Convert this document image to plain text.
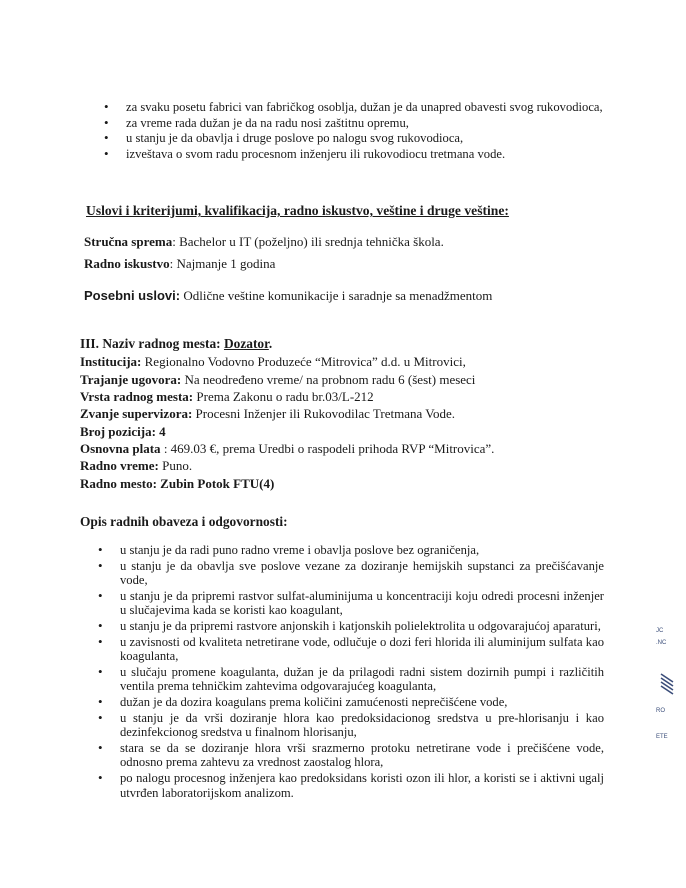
• za svaku posetu fabrici van fabričkog osoblja, dužan je da unapred obavesti svog rukovodioca,
• za vreme rada dužan je da na radu nosi zaštitnu opremu,
• u stanju je da obavlja i druge poslove po nalogu svog rukovodioca,
• izveštava o svom radu procesnom inženjeru ili rukovodiocu tretmana vode.
Uslovi i kriterijumi, kvalifikacija, radno iskustvo, veštine i druge veštine:
Stručna sprema: Bachelor u IT (poželjno) ili srednja tehnička škola.
Radno iskustvo: Najmanje 1 godina
Posebni uslovi: Odlične veštine komunikacije i saradnje sa menadžmentom
III. Naziv radnog mesta: Dozator.
Institucija: Regionalno Vodovno Produzeće “Mitrovica” d.d. u Mitrovici,
Trajanje ugovora: Na neodređeno vreme/ na probnom radu 6 (šest) meseci
Vrsta radnog mesta: Prema Zakonu o radu br.03/L-212
Zvanje supervizora: Procesni Inženjer ili Rukovodilac Tretmana Vode.
Broj pozicija: 4
Osnovna plata : 469.03 €, prema Uredbi o raspodeli prihoda RVP “Mitrovica”.
Radno vreme: Puno.
Radno mesto: Zubin Potok FTU(4)
Opis radnih obaveza i odgovornosti:
• u stanju je da radi puno radno vreme i obavlja poslove bez ograničenja,
• u stanju je da obavlja sve poslove vezane za doziranje hemijskih supstanci za prečišćavanje vode,
• u stanju je da pripremi rastvor sulfat-aluminijuma u koncentraciji koju odredi procesni inženjer u slučajevima kada se koristi kao koagulant,
• u stanju je da pripremi rastvore anjonskih i katjonskih polielektrolita u odgovarajućoj aparaturi,
• u zavisnosti od kvaliteta netretirane vode, odlučuje o dozi feri hlorida ili aluminijum sulfata kao koagulanta,
• u slučaju promene koagulanta, dužan je da prilagodi radni sistem dozirnih pumpi i različitih ventila prema tehničkim zahtevima odgovarajućeg koagulanta,
• dužan je da dozira koagulans prema količini zamućenosti neprečišćene vode,
• u stanju je da vrši doziranje hlora kao predoksidacionog sredstva u pre-hlorisanju i kao dezinfekcionog sredstva u finalnom hlorisanju,
• stara se da se doziranje hlora vrši srazmerno protoku netretirane vode i prečišćene vode, odnosno prema zahtevu za vrednost zaostalog hlora,
• po nalogu procesnog inženjera kao predoksidans koristi ozon ili hlor, a koristi se i aktivni ugalj utvrđen laboratorijskom analizom.
JC
.NC
RO
ETE
